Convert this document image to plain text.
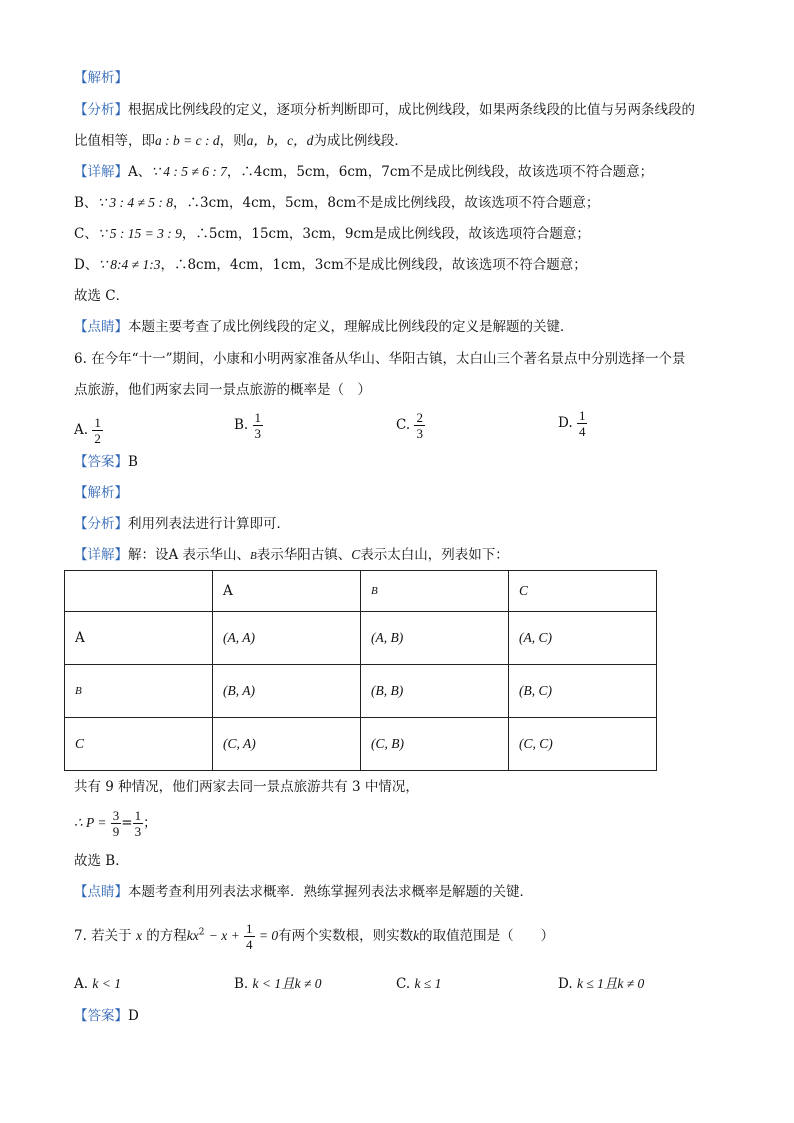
【解析】
【分析】根据成比例线段的定义，逐项分析判断即可，成比例线段，如果两条线段的比值与另两条线段的
比值相等，即a : b = c : d，则a，b，c，d为成比例线段．
【详解】A、∵ 4 : 5 ≠ 6 : 7，∴4cm，5cm，6cm，7cm不是成比例线段，故该选项不符合题意；
B、∵ 3 : 4 ≠ 5 : 8，∴3cm，4cm，5cm，8cm不是成比例线段，故该选项不符合题意；
C、∵ 5 : 15 = 3 : 9，∴5cm，15cm，3cm，9cm是成比例线段，故该选项符合题意；
D、∵ 8:4 ≠ 1:3，∴8cm，4cm，1cm，3cm不是成比例线段，故该选项不符合题意；
故选 C．
【点睛】本题主要考查了成比例线段的定义，理解成比例线段的定义是解题的关键．
6. 在今年“十一”期间，小康和小明两家准备从华山、华阳古镇，太白山三个著名景点中分别选择一个景
点旅游，他们两家去同一景点旅游的概率是（　）
A. $\frac{1}{2}$	B. $\frac{1}{3}$	C. $\frac{2}{3}$	D. $\frac{1}{4}$
【答案】B
【解析】
【分析】利用列表法进行计算即可．
【详解】解：设A 表示华山、B表示华阳古镇、C表示太白山，列表如下：
	A	B	C
A	(A, A)	(A, B)	(A, C)
B	(B, A)	(B, B)	(B, C)
C	(C, A)	(C, B)	(C, C)
共有 9 种情况，他们两家去同一景点旅游共有 3 中情况，
∴ $P = \frac{3}{9} = \frac{1}{3}$ ；
故选 B．
【点睛】本题考查利用列表法求概率．熟练掌握列表法求概率是解题的关键．
7. 若关于 x 的方程$kx^2 - x + \frac{1}{4} = 0$有两个实数根，则实数k的取值范围是（　　）
A. k < 1	B. k < 1且k ≠ 0	C. k ≤ 1	D. k ≤ 1且k ≠ 0
【答案】D
